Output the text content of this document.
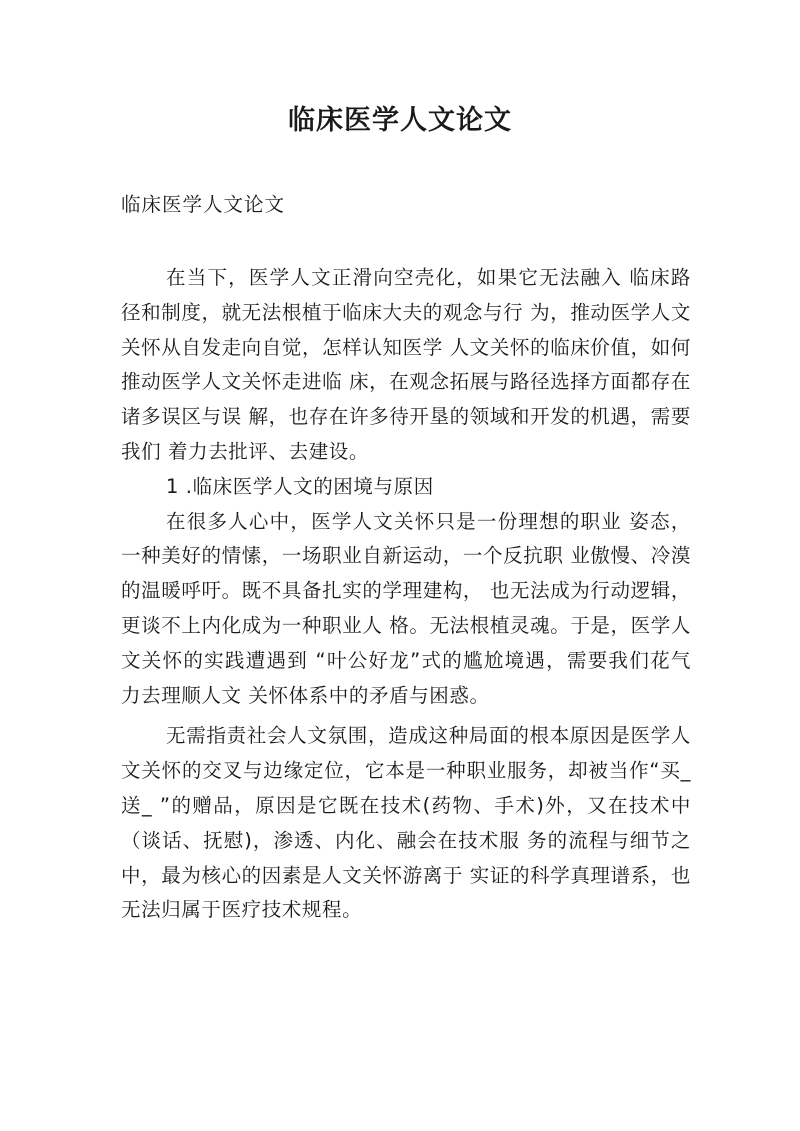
临床医学人文论文

临床医学人文论文

在当下，医学人文正滑向空壳化，如果它无法融入 临床路径和制度，就无法根植于临床大夫的观念与行 为，推动医学人文关怀从自发走向自觉，怎样认知医学 人文关怀的临床价值，如何推动医学人文关怀走进临 床，在观念拓展与路径选择方面都存在诸多误区与误 解，也存在许多待开垦的领域和开发的机遇，需要我们 着力去批评、去建设。

1 .临床医学人文的困境与原因

在很多人心中，医学人文关怀只是一份理想的职业 姿态，一种美好的情愫，一场职业自新运动，一个反抗职 业傲慢、冷漠的温暖呼吁。既不具备扎实的学理建构， 也无法成为行动逻辑，更谈不上内化成为一种职业人 格。无法根植灵魂。于是，医学人文关怀的实践遭遇到 “叶公好龙”式的尴尬境遇，需要我们花气力去理顺人文 关怀体系中的矛盾与困惑。

无需指责社会人文氛围，造成这种局面的根本原因是医学人文关怀的交叉与边缘定位，它本是一种职业服务，却被当作“买_送_ ”的赠品，原因是它既在技术(药物、手术)外，又在技术中（谈话、抚慰)，渗透、内化、融会在技术服 务的流程与细节之中，最为核心的因素是人文关怀游离于 实证的科学真理谱系，也无法归属于医疗技术规程。
